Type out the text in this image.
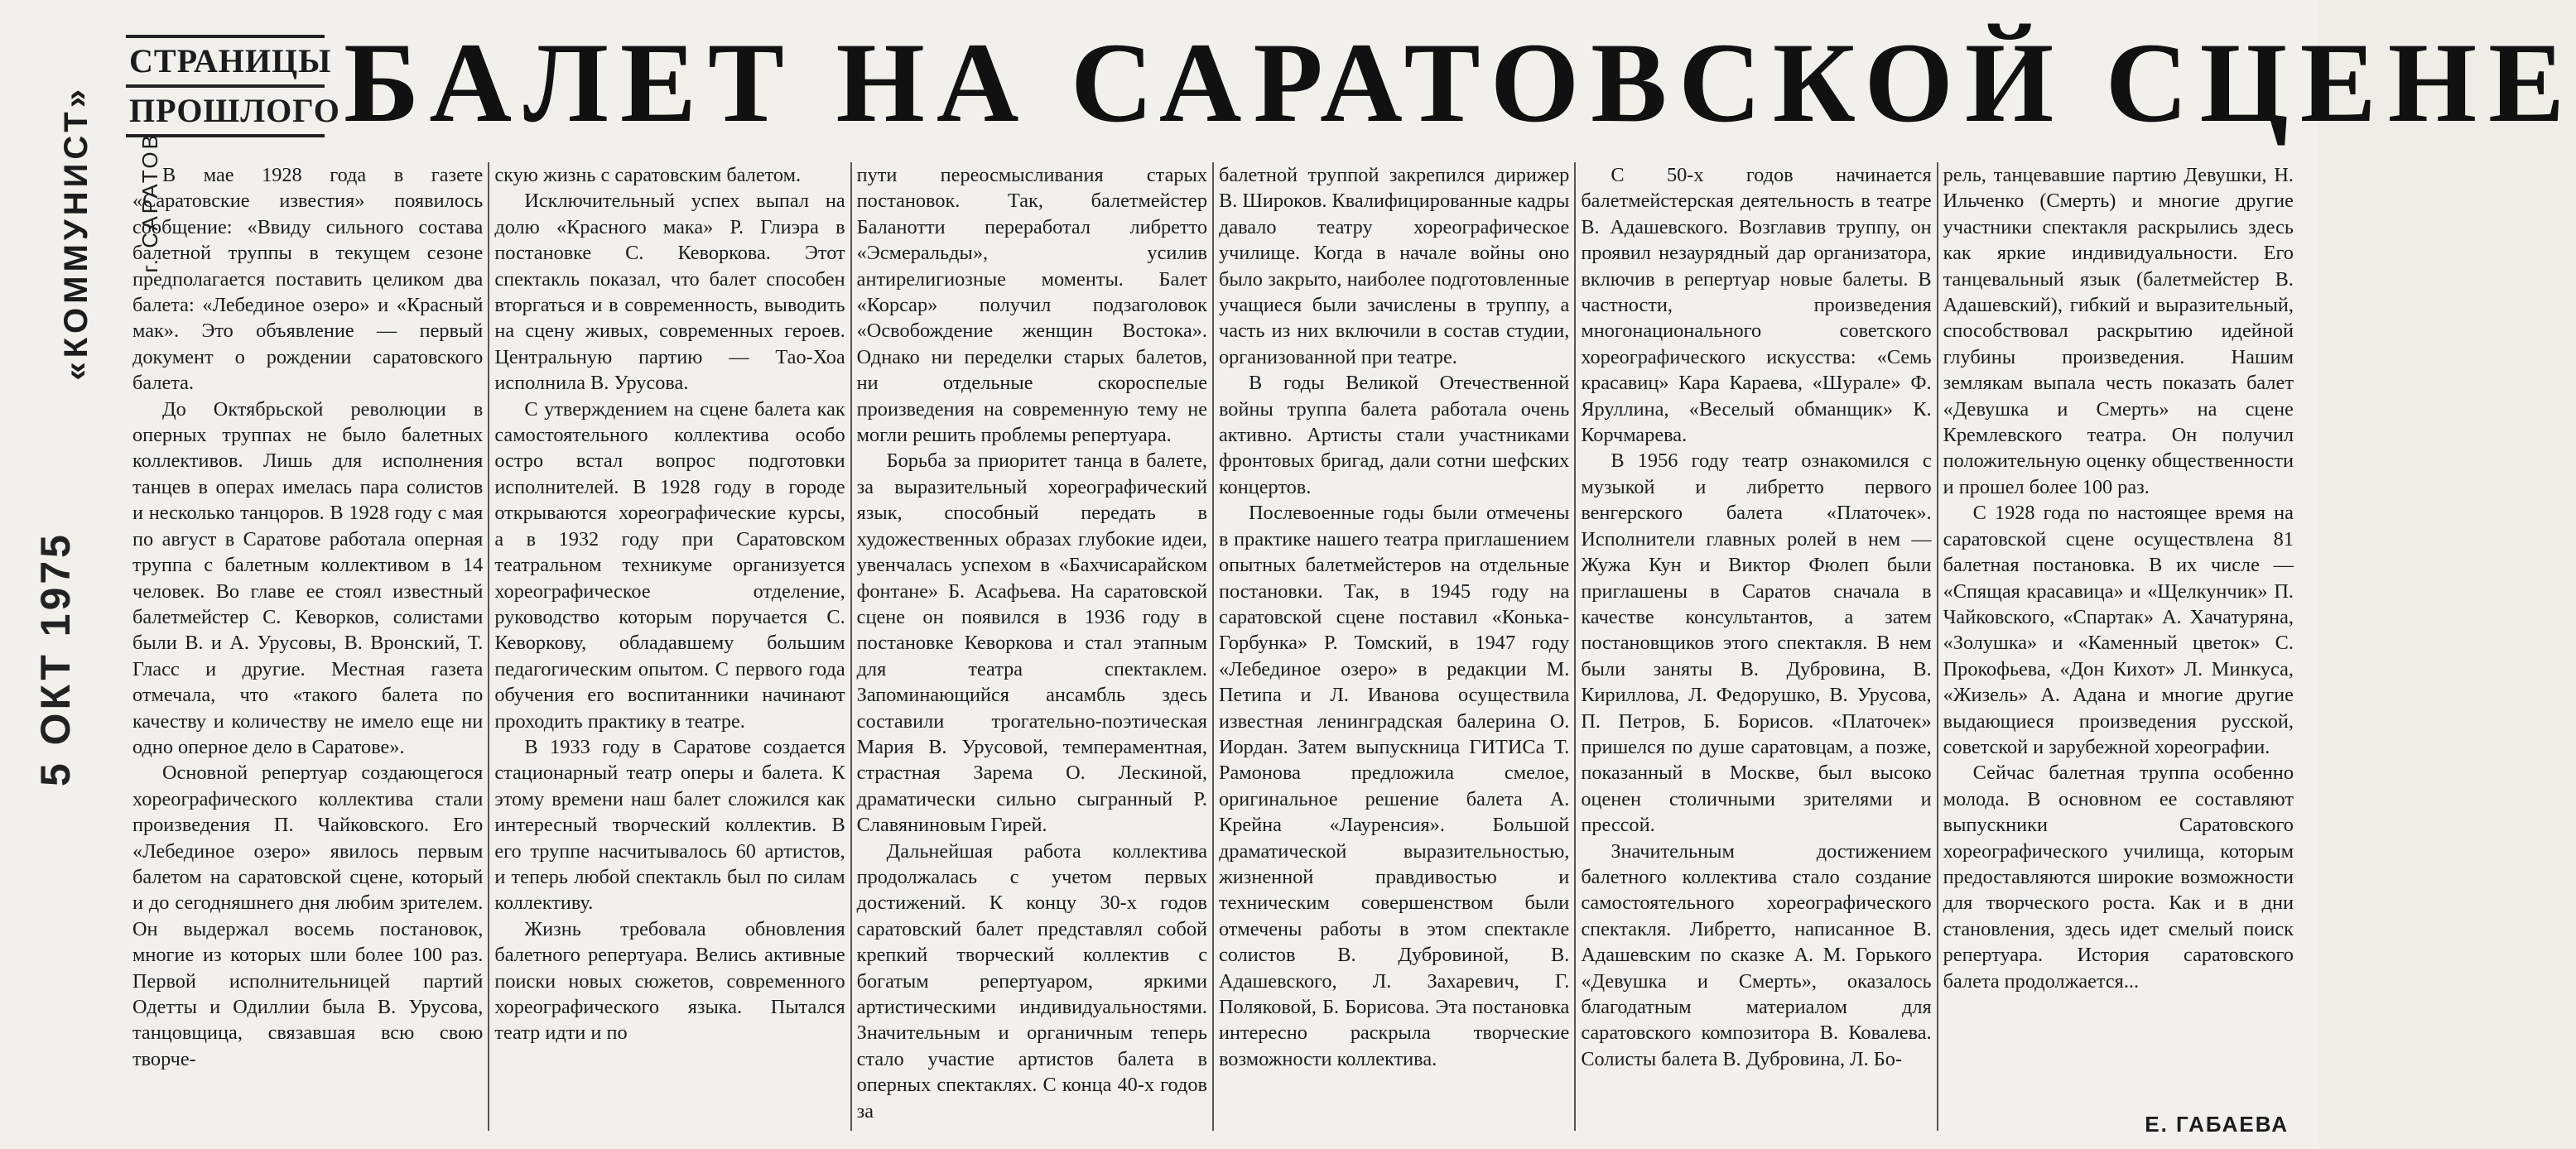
«КОММУНИСТ» г. САРАТОВ
5 ОКТ 1975
СТРАНИЦЫ
ПРОШЛОГО БАЛЕТ НА САРАТОВСКОЙ СЦЕНЕ

В мае 1928 года в газете «Саратовские известия» появилось сообщение: «Ввиду сильного состава балетной труппы в текущем сезоне предполагается поставить целиком два балета: «Лебединое озеро» и «Красный мак». Это объявление — первый документ о рождении саратовского балета.

До Октябрьской революции в оперных труппах не было балетных коллективов. Лишь для исполнения танцев в операх имелась пара солистов и несколько танцоров. В 1928 году с мая по август в Саратове работала оперная труппа с балетным коллективом в 14 человек. Во главе ее стоял известный балетмейстер С. Кеворков, солистами были В. и А. Урусовы, В. Вронский, Т. Гласс и другие. Местная газета отмечала, что «такого балета по качеству и количеству не имело еще ни одно оперное дело в Саратове».

Основной репертуар создающегося хореографического коллектива стали произведения П. Чайковского. Его «Лебединое озеро» явилось первым балетом на саратовской сцене, который и до сегодняшнего дня любим зрителем. Он выдержал восемь постановок, многие из которых шли более 100 раз. Первой исполнительницей партий Одетты и Одиллии была В. Урусова, танцовщица, связавшая всю свою творче-

скую жизнь с саратовским балетом.

Исключительный успех выпал на долю «Красного мака» Р. Глиэра в постановке С. Кеворкова. Этот спектакль показал, что балет способен вторгаться и в современность, выводить на сцену живых, современных героев. Центральную партию — Тао-Хоа исполнила В. Урусова.

С утверждением на сцене балета как самостоятельного коллектива особо остро встал вопрос подготовки исполнителей. В 1928 году в городе открываются хореографические курсы, а в 1932 году при Саратовском театральном техникуме организуется хореографическое отделение, руководство которым поручается С. Кеворкову, обладавшему большим педагогическим опытом. С первого года обучения его воспитанники начинают проходить практику в театре.

В 1933 году в Саратове создается стационарный театр оперы и балета. К этому времени наш балет сложился как интересный творческий коллектив. В его труппе насчитывалось 60 артистов, и теперь любой спектакль был по силам коллективу.

Жизнь требовала обновления балетного репертуара. Велись активные поиски новых сюжетов, современного хореографического языка. Пытался театр идти и по

пути переосмысливания старых постановок. Так, балетмейстер Баланотти переработал либретто «Эсмеральды», усилив антирелигиозные моменты. Балет «Корсар» получил подзаголовок «Освобождение женщин Востока». Однако ни переделки старых балетов, ни отдельные скороспелые произведения на современную тему не могли решить проблемы репертуара.

Борьба за приоритет танца в балете, за выразительный хореографический язык, способный передать в художественных образах глубокие идеи, увенчалась успехом в «Бахчисарайском фонтане» Б. Асафьева. На саратовской сцене он появился в 1936 году в постановке Кеворкова и стал этапным для театра спектаклем. Запоминающийся ансамбль здесь составили трогательно-поэтическая Мария В. Урусовой, темпераментная, страстная Зарема О. Лескиной, драматически сильно сыгранный Р. Славяниновым Гирей.

Дальнейшая работа коллектива продолжалась с учетом первых достижений. К концу 30-х годов саратовский балет представлял собой крепкий творческий коллектив с богатым репертуаром, яркими артистическими индивидуальностями. Значительным и органичным теперь стало участие артистов балета в оперных спектаклях. С конца 40-х годов за

балетной труппой закрепился дирижер В. Широков. Квалифицированные кадры давало театру хореографическое училище. Когда в начале войны оно было закрыто, наиболее подготовленные учащиеся были зачислены в труппу, а часть из них включили в состав студии, организованной при театре.

В годы Великой Отечественной войны труппа балета работала очень активно. Артисты стали участниками фронтовых бригад, дали сотни шефских концертов.

Послевоенные годы были отмечены в практике нашего театра приглашением опытных балетмейстеров на отдельные постановки. Так, в 1945 году на саратовской сцене поставил «Конька-Горбунка» Р. Томский, в 1947 году «Лебединое озеро» в редакции М. Петипа и Л. Иванова осуществила известная ленинградская балерина О. Иордан. Затем выпускница ГИТИСа Т. Рамонова предложила смелое, оригинальное решение балета А. Крейна «Лауренсия». Большой драматической выразительностью, жизненной правдивостью и техническим совершенством были отмечены работы в этом спектакле солистов В. Дубровиной, В. Адашевского, Л. Захаревич, Г. Поляковой, Б. Борисова. Эта постановка интересно раскрыла творческие возможности коллектива.

С 50-х годов начинается балетмейстерская деятельность в театре В. Адашевского. Возглавив труппу, он проявил незаурядный дар организатора, включив в репертуар новые балеты. В частности, произведения многонационального советского хореографического искусства: «Семь красавиц» Кара Караева, «Шурале» Ф. Яруллина, «Веселый обманщик» К. Корчмарева.

В 1956 году театр ознакомился с музыкой и либретто первого венгерского балета «Платочек». Исполнители главных ролей в нем — Жужа Кун и Виктор Фюлеп были приглашены в Саратов сначала в качестве консультантов, а затем постановщиков этого спектакля. В нем были заняты В. Дубровина, В. Кириллова, Л. Федорушко, В. Урусова, П. Петров, Б. Борисов. «Платочек» пришелся по душе саратовцам, а позже, показанный в Москве, был высоко оценен столичными зрителями и прессой.

Значительным достижением балетного коллектива стало создание самостоятельного хореографического спектакля. Либретто, написанное В. Адашевским по сказке А. М. Горького «Девушка и Смерть», оказалось благодатным материалом для саратовского композитора В. Ковалева. Солисты балета В. Дубровина, Л. Бо-

рель, танцевавшие партию Девушки, Н. Ильченко (Смерть) и многие другие участники спектакля раскрылись здесь как яркие индивидуальности. Его танцевальный язык (балетмейстер В. Адашевский), гибкий и выразительный, способствовал раскрытию идейной глубины произведения. Нашим землякам выпала честь показать балет «Девушка и Смерть» на сцене Кремлевского театра. Он получил положительную оценку общественности и прошел более 100 раз.

С 1928 года по настоящее время на саратовской сцене осуществлена 81 балетная постановка. В их числе — «Спящая красавица» и «Щелкунчик» П. Чайковского, «Спартак» А. Хачатуряна, «Золушка» и «Каменный цветок» С. Прокофьева, «Дон Кихот» Л. Минкуса, «Жизель» А. Адана и многие другие выдающиеся произведения русской, советской и зарубежной хореографии.

Сейчас балетная труппа особенно молода. В основном ее составляют выпускники Саратовского хореографического училища, которым предоставляются широкие возможности для творческого роста. Как и в дни становления, здесь идет смелый поиск репертуара. История саратовского балета продолжается...

Е. ГАБАЕВА
